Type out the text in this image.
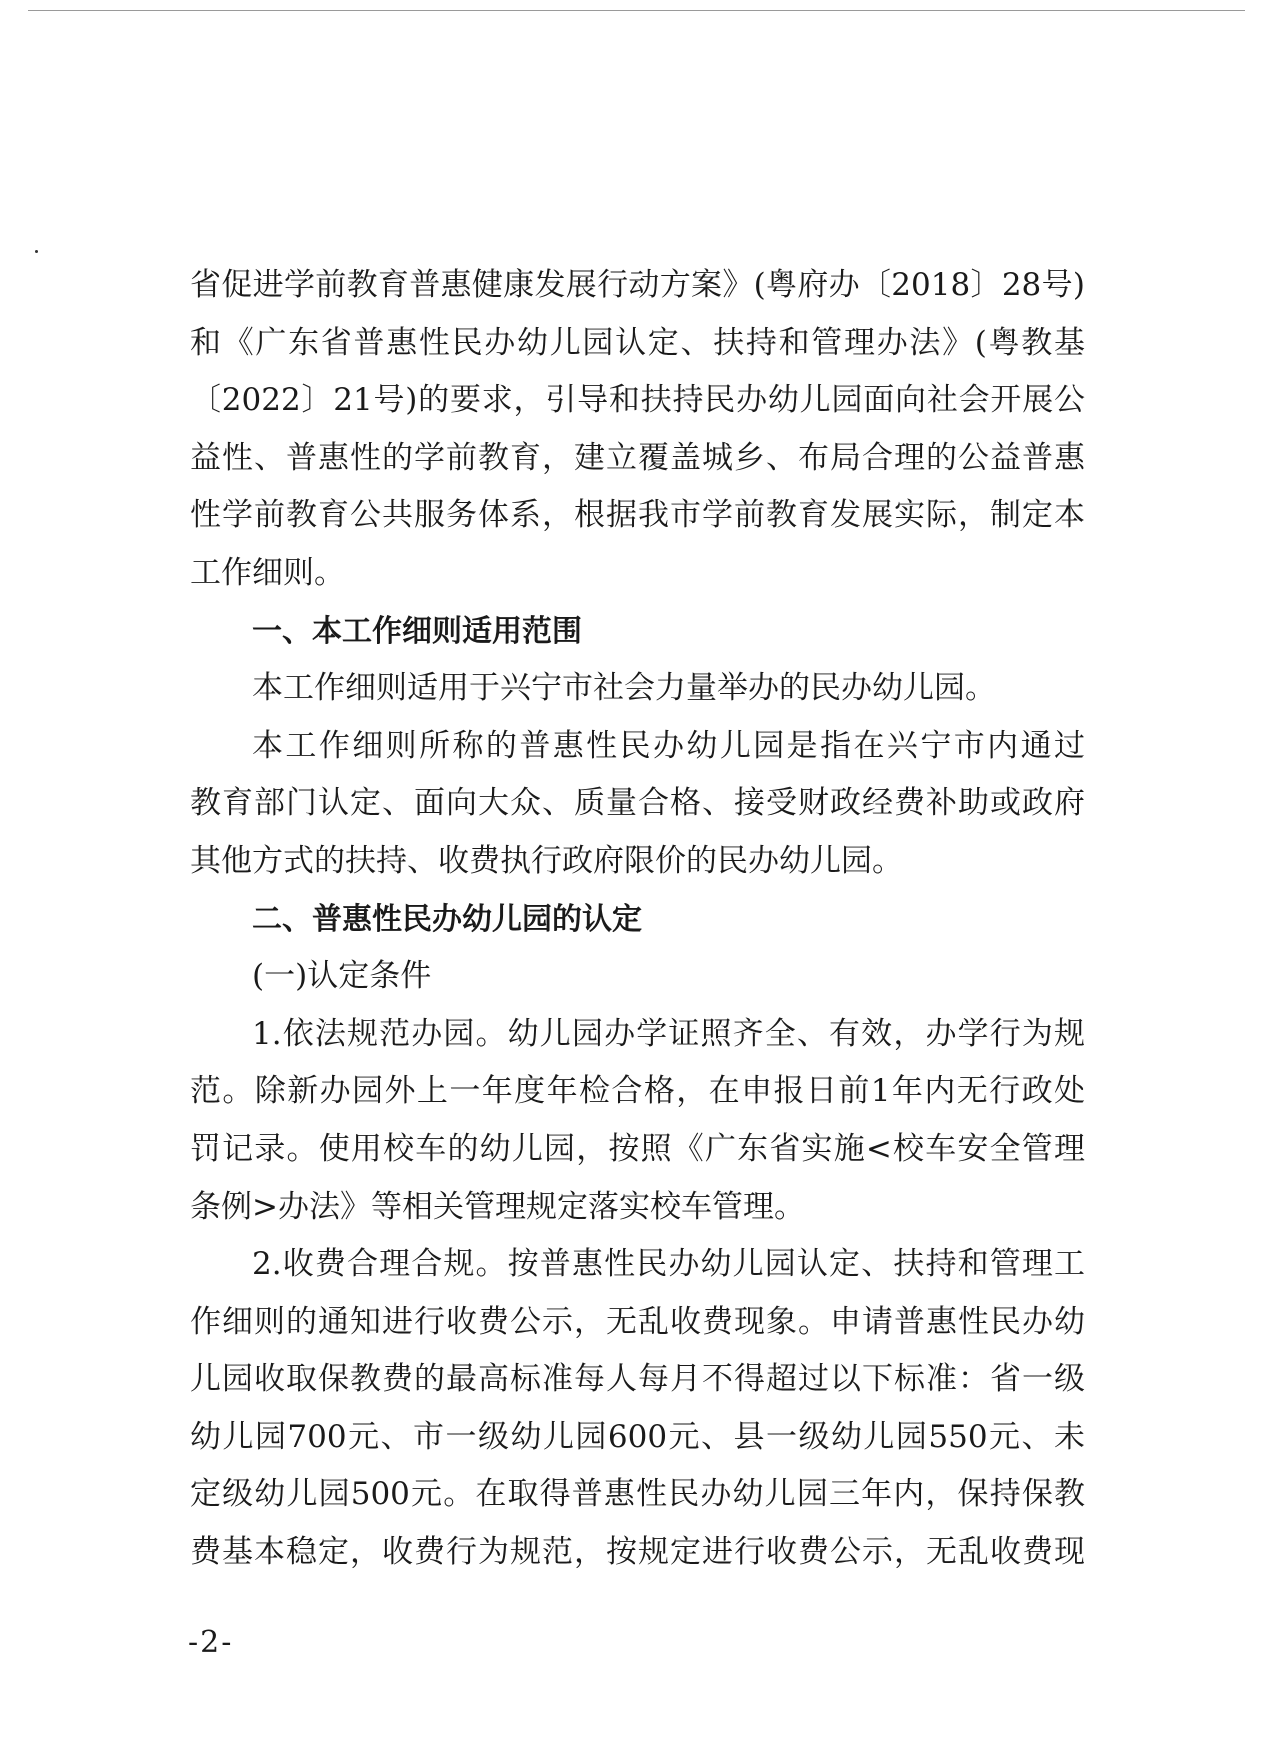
省促进学前教育普惠健康发展行动方案》(粤府办〔2018〕28号)
和《广东省普惠性民办幼儿园认定、扶持和管理办法》(粤教基
〔2022〕21号)的要求，引导和扶持民办幼儿园面向社会开展公
益性、普惠性的学前教育，建立覆盖城乡、布局合理的公益普惠
性学前教育公共服务体系，根据我市学前教育发展实际，制定本
工作细则。
一、本工作细则适用范围
本工作细则适用于兴宁市社会力量举办的民办幼儿园。
本工作细则所称的普惠性民办幼儿园是指在兴宁市内通过
教育部门认定、面向大众、质量合格、接受财政经费补助或政府
其他方式的扶持、收费执行政府限价的民办幼儿园。
二、普惠性民办幼儿园的认定
(一)认定条件
1.依法规范办园。幼儿园办学证照齐全、有效，办学行为规
范。除新办园外上一年度年检合格，在申报日前1年内无行政处
罚记录。使用校车的幼儿园，按照《广东省实施<校车安全管理
条例>办法》等相关管理规定落实校车管理。
2.收费合理合规。按普惠性民办幼儿园认定、扶持和管理工
作细则的通知进行收费公示，无乱收费现象。申请普惠性民办幼
儿园收取保教费的最高标准每人每月不得超过以下标准：省一级
幼儿园700元、市一级幼儿园600元、县一级幼儿园550元、未
定级幼儿园500元。在取得普惠性民办幼儿园三年内，保持保教
费基本稳定，收费行为规范，按规定进行收费公示，无乱收费现
-2-
